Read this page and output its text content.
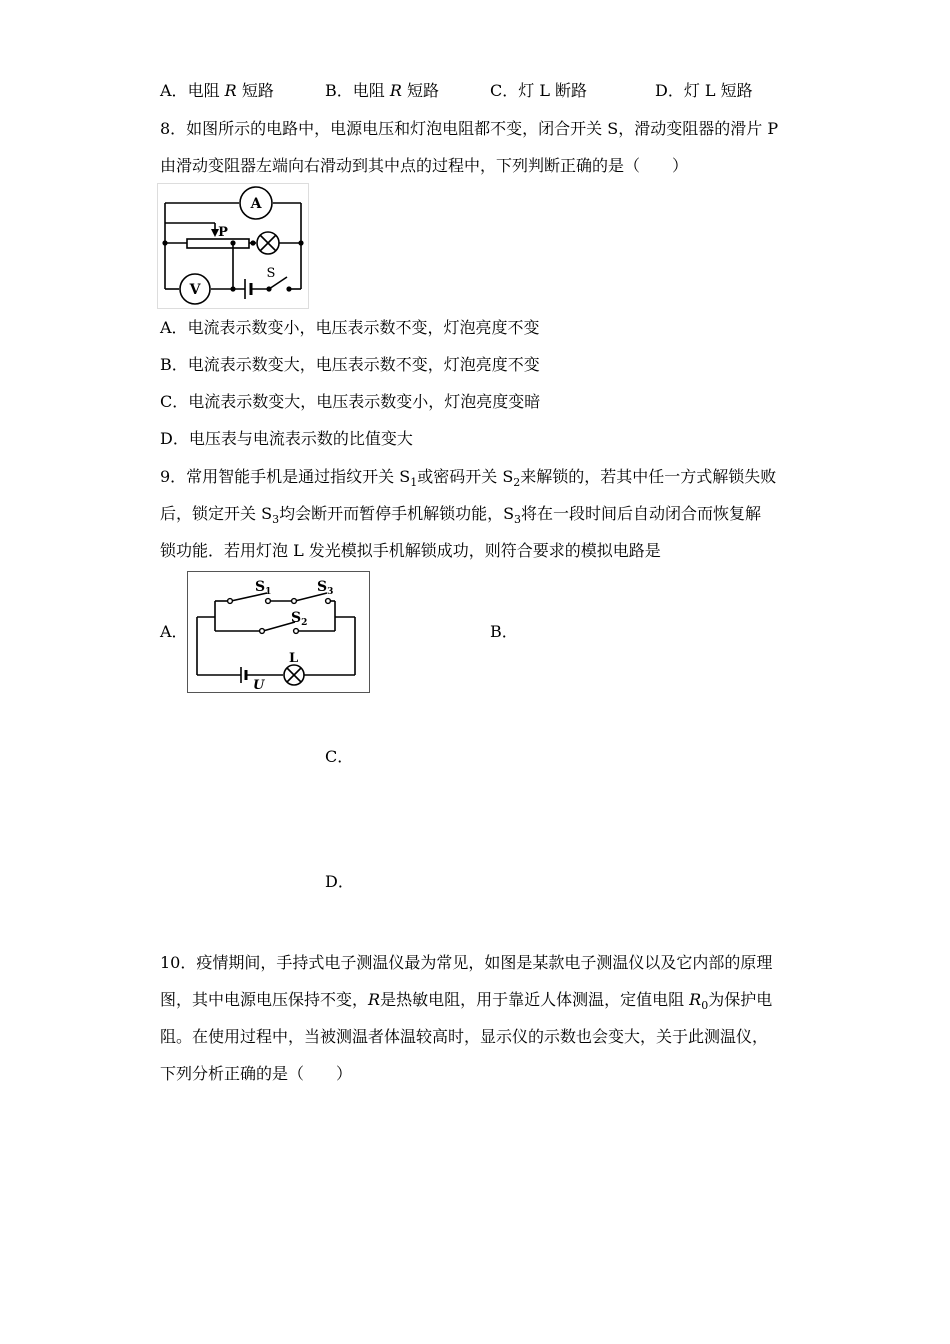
A．电阻 R 短路	B．电阻 R 短路	C．灯 L 断路	D．灯 L 短路
8．如图所示的电路中，电源电压和灯泡电阻都不变，闭合开关 S，滑动变阻器的滑片 P
由滑动变阻器左端向右滑动到其中点的过程中，下列判断正确的是（　　）
A
V
P
S
A．电流表示数变小，电压表示数不变，灯泡亮度不变
B．电流表示数变大，电压表示数不变，灯泡亮度不变
C．电流表示数变大，电压表示数变小，灯泡亮度变暗
D．电压表与电流表示数的比值变大
9．常用智能手机是通过指纹开关 $S_1$或密码开关 $S_2$来解锁的，若其中任一方式解锁失败
后，锁定开关 $S_3$均会断开而暂停手机解锁功能，$S_3$将在一段时间后自动闭合而恢复解
锁功能．若用灯泡 L 发光模拟手机解锁成功，则符合要求的模拟电路是
A．
$S_1$	$S_3$
$S_2$
L
U
B．
C．
D．
10．疫情期间，手持式电子测温仪最为常见，如图是某款电子测温仪以及它内部的原理
图，其中电源电压保持不变，R是热敏电阻，用于靠近人体测温，定值电阻 $R_0$为保护电
阻。在使用过程中，当被测温者体温较高时，显示仪的示数也会变大，关于此测温仪，
下列分析正确的是（　　）
